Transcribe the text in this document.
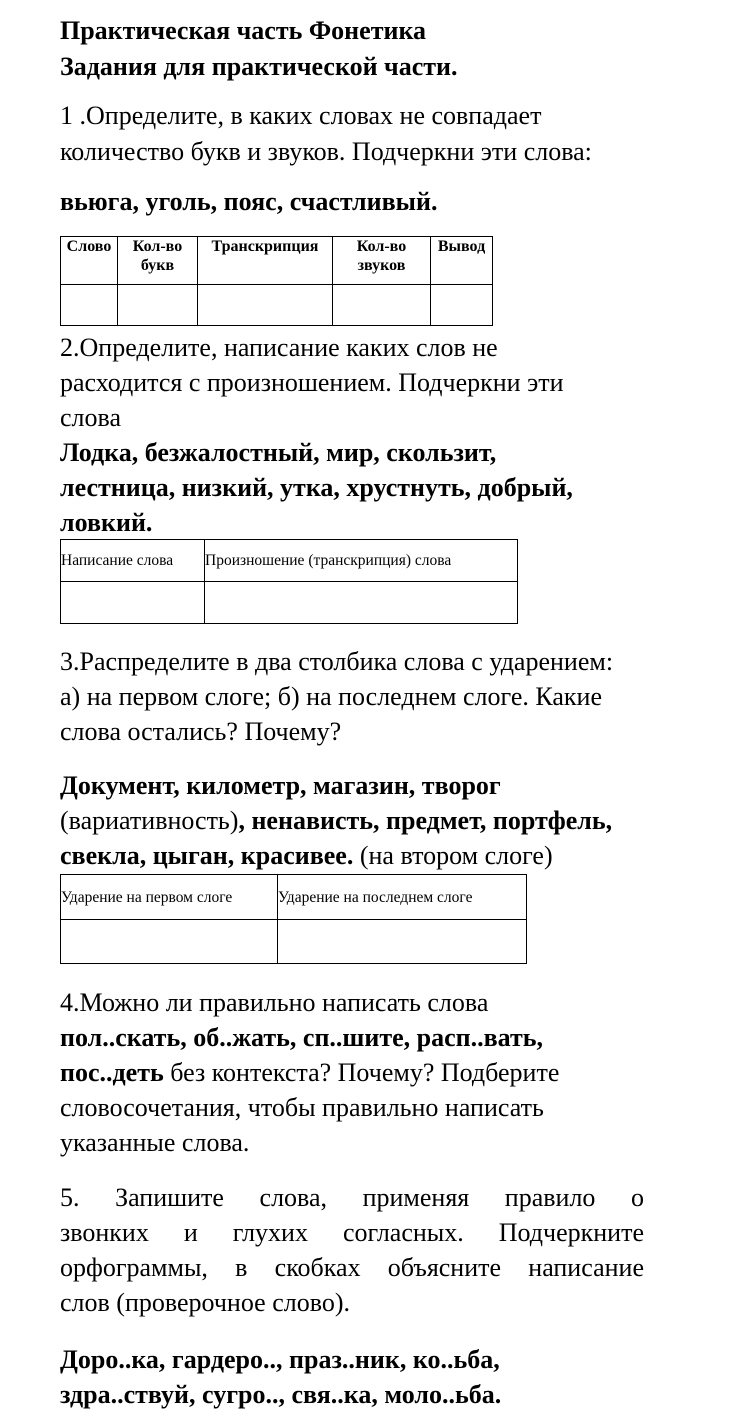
Практическая часть Фонетика
Задания для практической части.
1 .Определите, в каких словах не совпадает
количество букв и звуков. Подчеркни эти слова:
вьюга, уголь, пояс, счастливый.
Слово	Кол-во букв	Транскрипция	Кол-во звуков	Вывод

2.Определите, написание каких слов не
расходится с произношением. Подчеркни эти
слова
Лодка, безжалостный, мир, скользит,
лестница, низкий, утка, хрустнуть, добрый,
ловкий.
Написание слова	Произношение (транскрипция) слова

3.Распределите в два столбика слова с ударением:
а) на первом слоге; б) на последнем слоге. Какие
слова остались? Почему?
Документ, километр, магазин, творог
(вариативность), ненависть, предмет, портфель,
свекла, цыган, красивее. (на втором слоге)
Ударение на первом слоге	Ударение на последнем слоге

4.Можно ли правильно написать слова
пол..скать, об..жать, сп..шите, расп..вать,
пос..деть без контекста? Почему? Подберите
словосочетания, чтобы правильно написать
указанные слова.
5. Запишите слова, применяя правило о
звонких и глухих согласных. Подчеркните
орфограммы, в скобках объясните написание
слов (проверочное слово).
Доро..ка, гардеро.., праз..ник, ко..ьба,
здра..ствуй, сугро.., свя..ка, моло..ьба.
